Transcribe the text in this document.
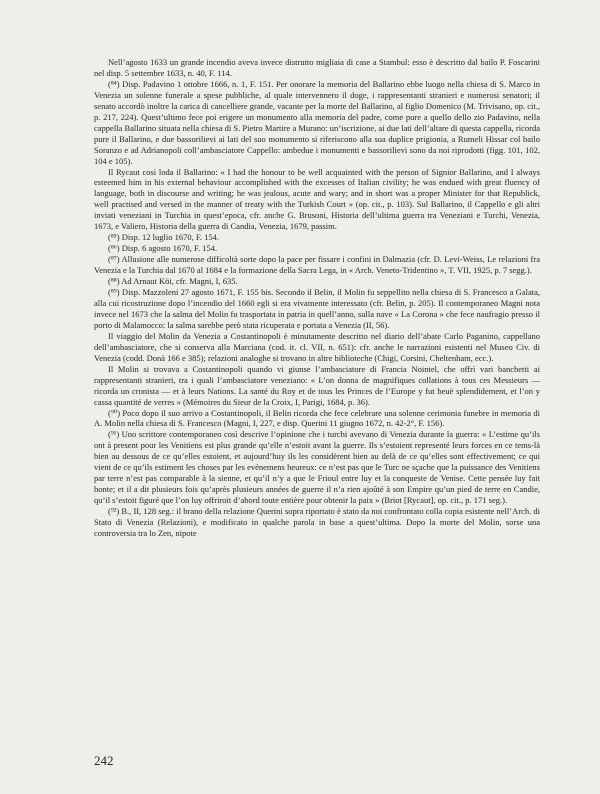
Nell’agosto 1633 un grande incendio aveva invece distrutto migliaia di case a Stambul: esso è descritto dal bailo P. Foscarini nel disp. 5 settembre 1633, n. 40, F. 114.

(⁸⁴) Disp. Padavino 1 ottobre 1666, n. 1, F. 151. Per onorare la memoria del Ballarino ebbe luogo nella chiesa di S. Marco in Venezia un solenne funerale a spese pubbliche, al quale intervennero il doge, i rappresentanti stranieri e numerosi senatori; il senato accordò inoltre la carica di cancelliere grande, vacante per la morte del Ballarino, al figlio Domenico (M. Trivisano, op. cit., p. 217, 224). Quest’ultimo fece poi erigere un monumento alla memoria del padre, come pure a quello dello zio Padavino, nella cappella Ballarino situata nella chiesa di S. Pietro Martire a Murano: un’iscrizione, ai due lati dell’altare di questa cappella, ricorda pure il Ballarino, e due bassorilievi ai lati del suo monumento si riferiscono alla sua duplice prigionia, a Rumeli Hissar col bailo Soranzo e ad Adrianopoli coll’ambasciatore Cappello: ambedue i monumenti e bassorilievi sono da noi riprodotti (figg. 101, 102, 104 e 105).

Il Rycaut così loda il Ballarino: « I had the honour to be well acquainted with the person of Signior Ballarino, and I always esteemed him in his external behaviour accomplished with the excesses of Italian civility; he was endued with great fluency of language, both in discourse and writing; he was jealous, acute and wary; and in short was a proper Minister for that Republick, well practised and versed in the manner of treaty with the Turkish Court » (op. cit., p. 103). Sul Ballarino, il Cappello e gli altri inviati veneziani in Turchia in quest’epoca, cfr. anche G. Brusoni, Historia dell’ultima guerra tra Veneziani e Turchi, Venezia, 1673, e Valiero, Historia della guerra di Candia, Venezia, 1679, passim.

(⁸⁵) Disp. 12 luglio 1670, F. 154.

(⁸⁶) Disp. 6 agosto 1670, F. 154.

(⁸⁷) Allusione alle numerose difficoltà sorte dopo la pace per fissare i confini in Dalmazia (cfr. D. Levi-Weiss, Le relazioni fra Venezia e la Turchia dal 1670 al 1684 e la formazione della Sacra Lega, in « Arch. Veneto-Tridentino », T. VII, 1925, p. 7 segg.).

(⁸⁸) Ad Arnaut Köi, cfr. Magni, I, 635.

(⁸⁹) Disp. Mazzoleni 27 agosto 1671, F. 155 bis. Secondo il Belin, il Molin fu seppellito nella chiesa di S. Francesco a Galata, alla cui ricostruzione dopo l’incendio del 1660 egli si era vivamente interessato (cfr. Belin, p. 205). Il contemporaneo Magni nota invece nel 1673 che la salma del Molin fu trasportata in patria in quell’anno, sulla nave « La Corona » che fece naufragio presso il porto di Malamocco: la salma sarebbe però stata ricuperata e portata a Venezia (II, 56).

Il viaggio del Molin da Venezia a Costantinopoli è minutamente descritto nel diario dell’abate Carlo Paganino, cappellano dell’ambasciatore, che si conserva alla Marciana (cod. it. cl. VII, n. 651): cfr. anche le narrazioni esistenti nel Museo Civ. di Venezia (codd. Donà 166 e 385); relazioni analoghe si trovano in altre biblioteche (Chigi, Corsini, Cheltenham, ecc.).

Il Molin si trovava a Costantinopoli quando vi giunse l’ambasciatore di Francia Nointel, che offrì vari banchetti ai rappresentanti stranieri, tra i quali l’ambasciatore veneziano: « L’on donna de magnifiques collations à tous ces Messieurs — ricorda un cronista — et à leurs Nations. La santé du Roy et de tous les Princes de l’Europe y fut beuë splendidement, et l’on y cassa quantité de verres » (Mémoires du Sieur de la Croix, I, Parigi, 1684, p. 36).

(⁹⁰) Poco dopo il suo arrivo a Costantinopoli, il Belin ricorda che fece celebrare una solenne cerimonia funebre in memoria di A. Molin nella chiesa di S. Francesco (Magni, I, 227, e disp. Querini 11 giugno 1672, n. 42-2°, F. 156).

(⁹¹) Uno scrittore contemporaneo così descrive l’opinione che i turchi avevano di Venezia durante la guerra: « L’estime qu’ils ont à present pour les Venitiens est plus grande qu’elle n’estoit avant la guerre. Ils s’estoient representé leurs forces en ce tems-là bien au dessous de ce qu’elles estoient, et aujourd’huy ils les considèrent bien au delà de ce qu’elles sont effectivement; ce qui vient de ce qu’ils estiment les choses par les evénemens heureux: ce n’est pas que le Turc ne sçache que la puissance des Venitiens par terre n’est pas comparable à la sienne, et qu’il n’y a que le Frioul entre luy et la conqueste de Venise. Cette pensée luy fait honte; et il a dit plusieurs fois qu’après plusieurs années de guerre il n’a rien ajoûté à son Empire qu’un pied de terre en Candie, qu’il s’estoit figuré que l’on luy offriroit d’abord toute entière pour obtenir la paix » (Briot [Rycaut], op. cit., p. 171 seg.).

(⁹²) B., II, 128 seg.: il brano della relazione Querini sopra riportato è stato da noi confrontato colla copia esistente nell’Arch. di Stato di Venezia (Relazioni), e modificato in qualche parola in base a quest’ultima. Dopo la morte del Molin, sorse una controversia tra lo Zen, nipote

242
